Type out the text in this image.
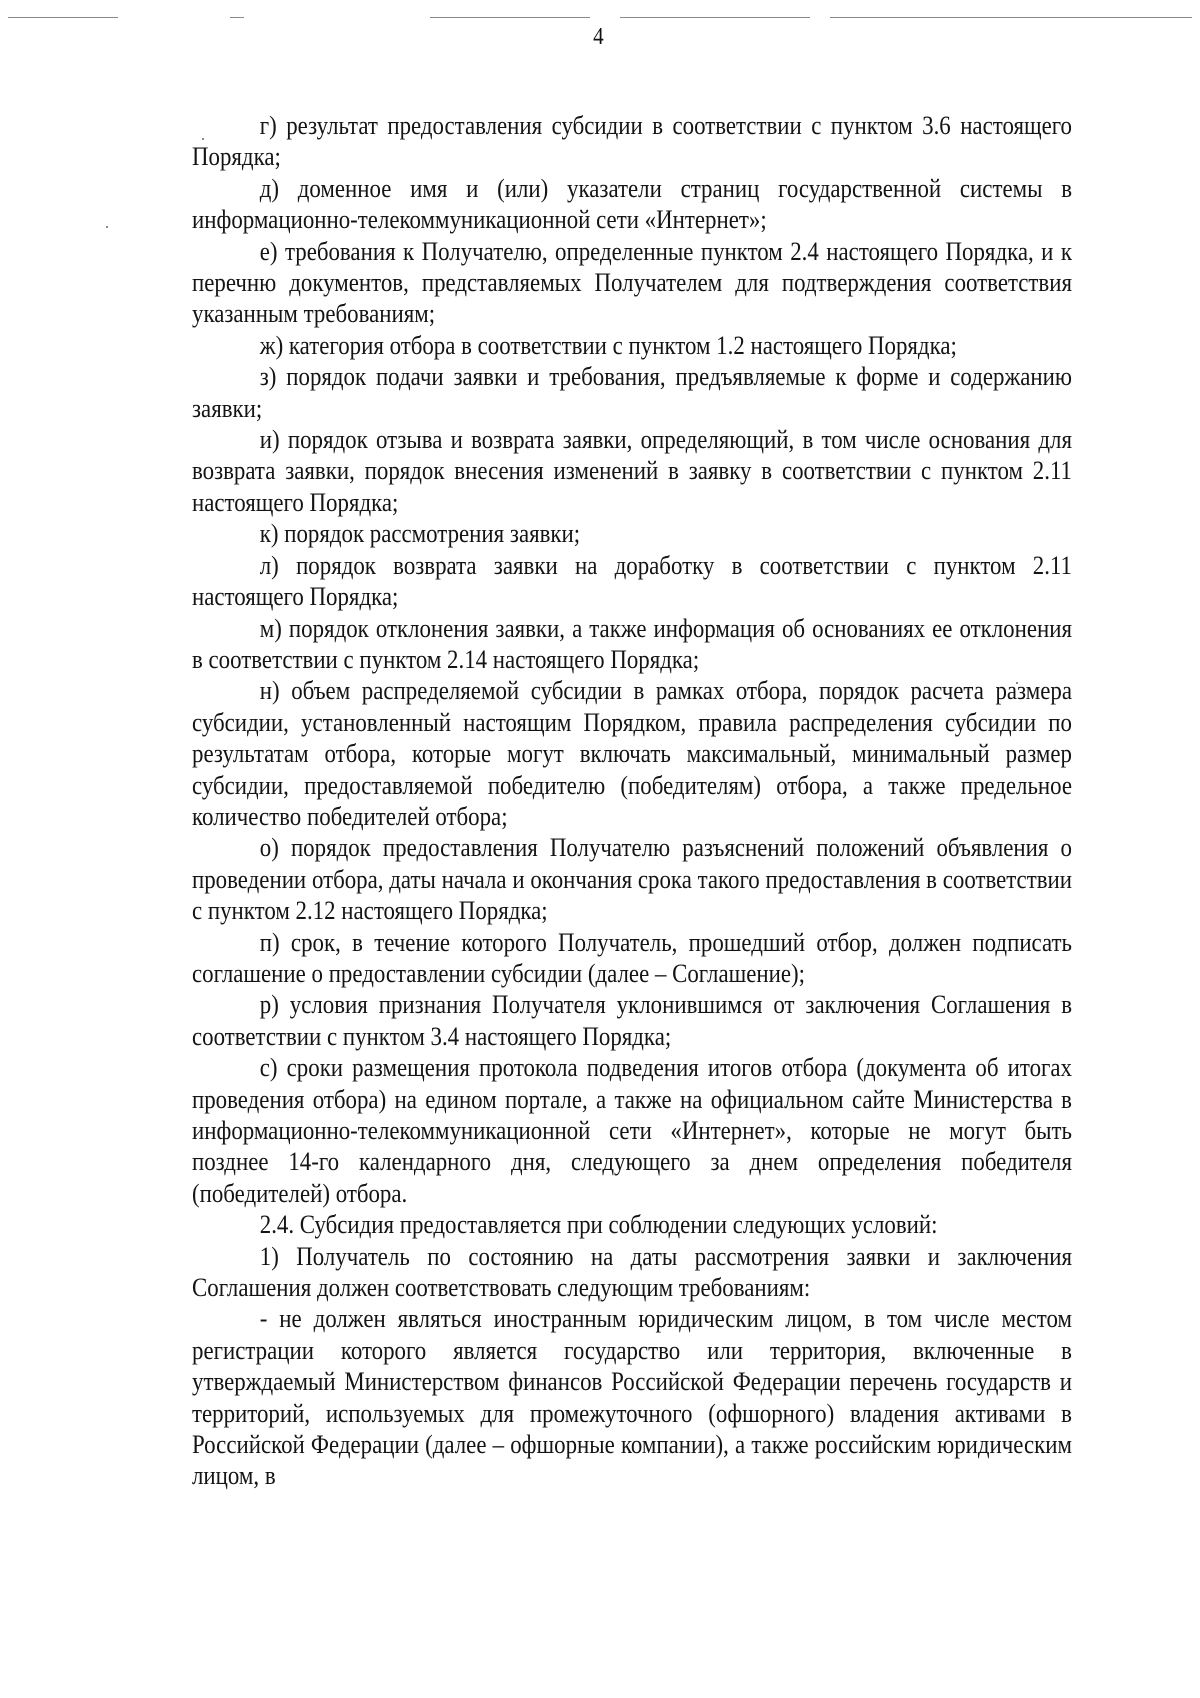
4

г) результат предоставления субсидии в соответствии с пунктом 3.6 настоящего Порядка;

д) доменное имя и (или) указатели страниц государственной системы в информационно-телекоммуникационной сети «Интернет»;

е) требования к Получателю, определенные пунктом 2.4 настоящего Порядка, и к перечню документов, представляемых Получателем для подтверждения соответствия указанным требованиям;

ж) категория отбора в соответствии с пунктом 1.2 настоящего Порядка;

з) порядок подачи заявки и требования, предъявляемые к форме и содержанию заявки;

и) порядок отзыва и возврата заявки, определяющий, в том числе основания для возврата заявки, порядок внесения изменений в заявку в соответствии с пунктом 2.11 настоящего Порядка;

к) порядок рассмотрения заявки;

л) порядок возврата заявки на доработку в соответствии с пунктом 2.11 настоящего Порядка;

м) порядок отклонения заявки, а также информация об основаниях ее отклонения в соответствии с пунктом 2.14 настоящего Порядка;

н) объем распределяемой субсидии в рамках отбора, порядок расчета размера субсидии, установленный настоящим Порядком, правила распределения субсидии по результатам отбора, которые могут включать максимальный, минимальный размер субсидии, предоставляемой победителю (победителям) отбора, а также предельное количество победителей отбора;

о) порядок предоставления Получателю разъяснений положений объявления о проведении отбора, даты начала и окончания срока такого предоставления в соответствии с пунктом 2.12 настоящего Порядка;

п) срок, в течение которого Получатель, прошедший отбор, должен подписать соглашение о предоставлении субсидии (далее – Соглашение);

р) условия признания Получателя уклонившимся от заключения Соглашения в соответствии с пунктом 3.4 настоящего Порядка;

с) сроки размещения протокола подведения итогов отбора (документа об итогах проведения отбора) на едином портале, а также на официальном сайте Министерства в информационно-телекоммуникационной сети «Интернет», которые не могут быть позднее 14-го календарного дня, следующего за днем определения победителя (победителей) отбора.

2.4. Субсидия предоставляется при соблюдении следующих условий:

1) Получатель по состоянию на даты рассмотрения заявки и заключения Соглашения должен соответствовать следующим требованиям:

- не должен являться иностранным юридическим лицом, в том числе местом регистрации которого является государство или территория, включенные в утверждаемый Министерством финансов Российской Федерации перечень государств и территорий, используемых для промежуточного (офшорного) владения активами в Российской Федерации (далее – офшорные компании), а также российским юридическим лицом, в
